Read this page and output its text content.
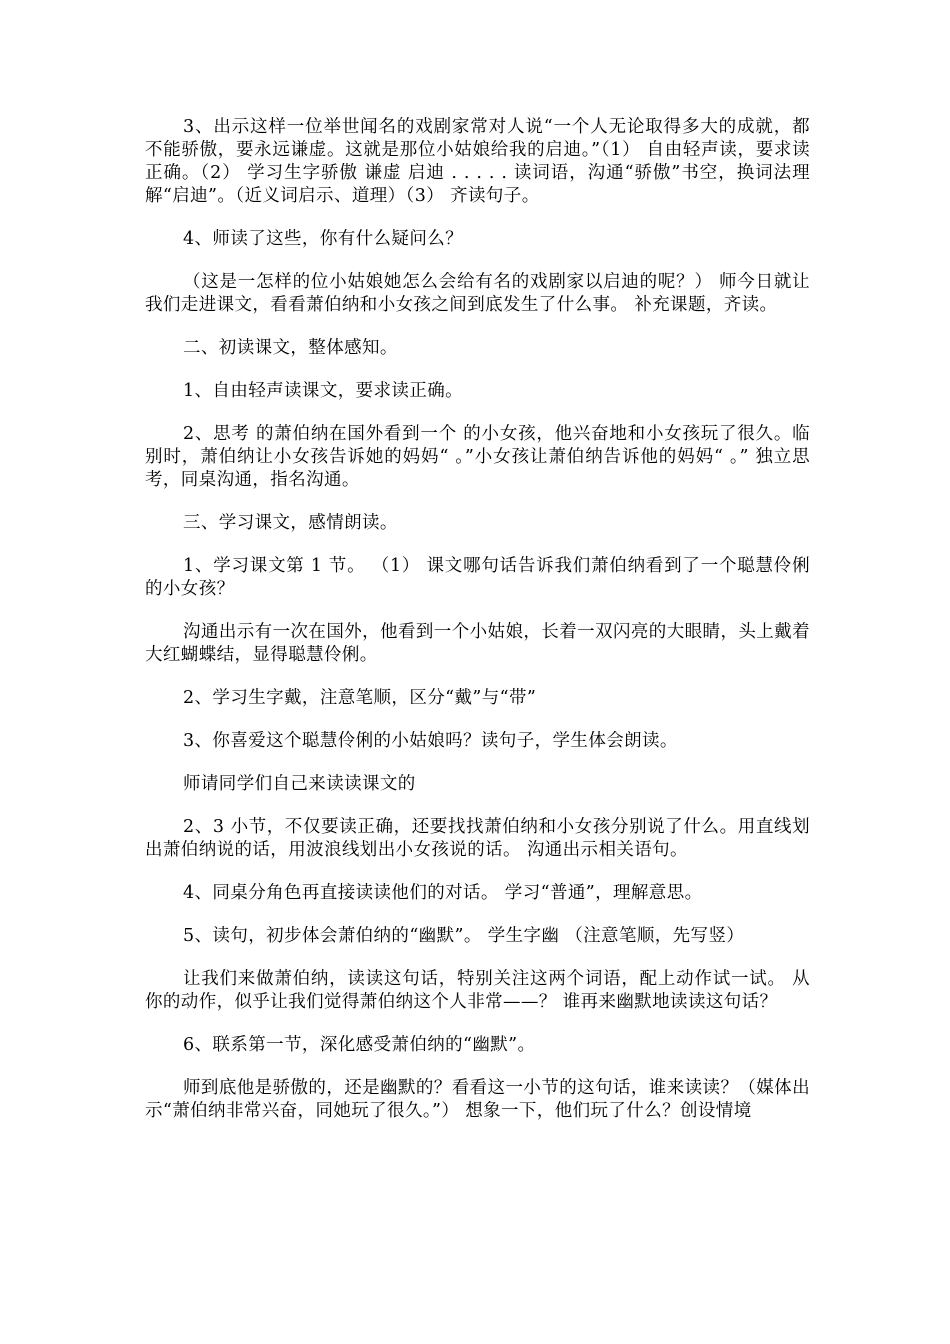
3、出示这样一位举世闻名的戏剧家常对人说“一个人无论取得多大的成就，都不能骄傲，要永远谦虚。这就是那位小姑娘给我的启迪。”（1） 自由轻声读，要求读正确。（2） 学习生字骄傲 谦虚 启迪 . . . . . 读词语，沟通“骄傲”书空，换词法理解“启迪”。（近义词启示、道理）（3） 齐读句子。

4、师读了这些，你有什么疑问么？

（这是一怎样的位小姑娘她怎么会给有名的戏剧家以启迪的呢？） 师今日就让我们走进课文，看看萧伯纳和小女孩之间到底发生了什么事。 补充课题，齐读。

二、初读课文，整体感知。

1、自由轻声读课文，要求读正确。

2、思考 的萧伯纳在国外看到一个 的小女孩，他兴奋地和小女孩玩了很久。临别时，萧伯纳让小女孩告诉她的妈妈“ 。”小女孩让萧伯纳告诉他的妈妈“ 。” 独立思考，同桌沟通，指名沟通。

三、学习课文，感情朗读。

1、学习课文第 1 节。 （1） 课文哪句话告诉我们萧伯纳看到了一个聪慧伶俐的小女孩？

沟通出示有一次在国外，他看到一个小姑娘，长着一双闪亮的大眼睛，头上戴着大红蝴蝶结，显得聪慧伶俐。

2、学习生字戴，注意笔顺，区分“戴”与“带”

3、你喜爱这个聪慧伶俐的小姑娘吗？读句子，学生体会朗读。

师请同学们自己来读读课文的

2、3 小节，不仅要读正确，还要找找萧伯纳和小女孩分别说了什么。用直线划出萧伯纳说的话，用波浪线划出小女孩说的话。 沟通出示相关语句。

4、同桌分角色再直接读读他们的对话。 学习“普通”，理解意思。

5、读句，初步体会萧伯纳的“幽默”。 学生字幽 （注意笔顺，先写竖）

让我们来做萧伯纳，读读这句话，特别关注这两个词语，配上动作试一试。 从你的动作，似乎让我们觉得萧伯纳这个人非常——？ 谁再来幽默地读读这句话？

6、联系第一节，深化感受萧伯纳的“幽默”。

师到底他是骄傲的，还是幽默的？看看这一小节的这句话，谁来读读？（媒体出示“萧伯纳非常兴奋，同她玩了很久。”） 想象一下，他们玩了什么？创设情境
